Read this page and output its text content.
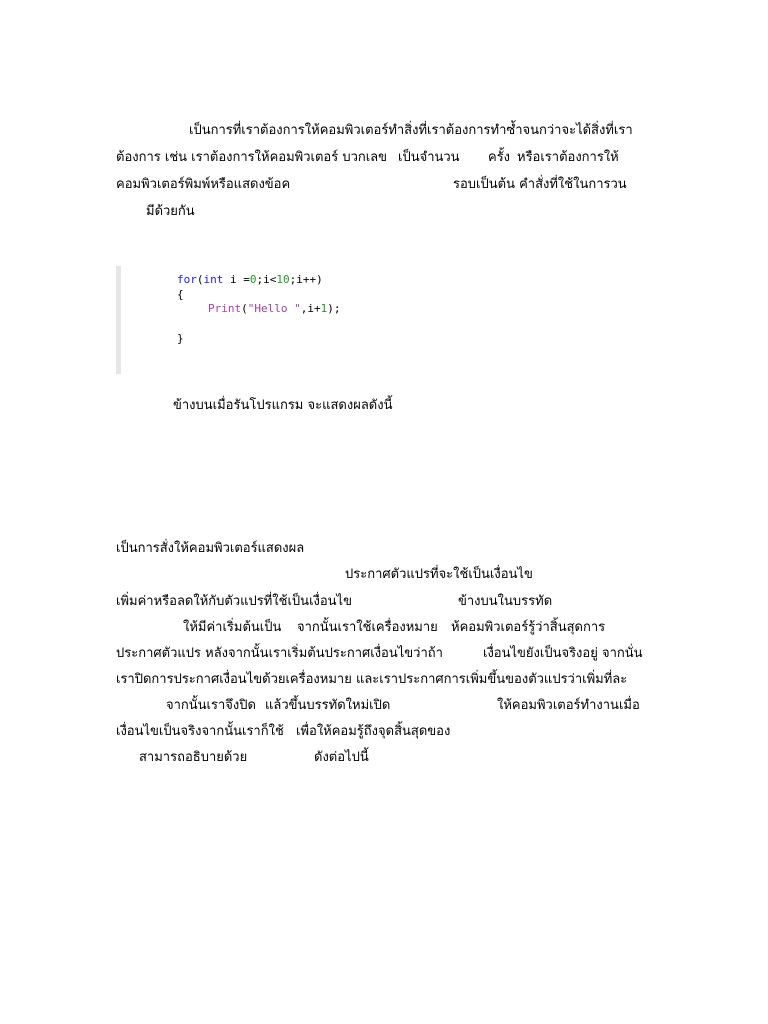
เป็นการที่เราต้องการให้คอมพิวเตอร์ทำสิ่งที่เราต้องการทำซ้ำจนกว่าจะได้สิ่งที่เรา

ต้องการ เช่น เราต้องการให้คอมพิวเตอร์ บวกเลข เป็นจำนวน ครั้ง หรือเราต้องการให้

คอมพิวเตอร์พิมพ์หรือแสดงข้อค	รอบเป็นต้น คำสั่งที่ใช้ในการวน

มีด้วยกัน

for(int i =0;i<10;i++)

{

Print("Hello ",i+1);

}

ข้างบนเมื่อรันโปรแกรม จะแสดงผลดังนี้

เป็นการสั่งให้คอมพิวเตอร์แสดงผล

ประกาศตัวแปรที่จะใช้เป็นเงื่อนไข

เพิ่มค่าหรือลดให้กับตัวแปรที่ใช้เป็นเงื่อนไข	ข้างบนในบรรทัด

ให้มีค่าเริ่มต้นเป็น จากนั้นเราใช้เครื่องหมาย ห้คอมพิวเตอร์รู้ว่าสิ้นสุดการ

ประกาศตัวแปร หลังจากนั้นเราเริ่มต้นประกาศเงื่อนไขว่าถ้า	เงื่อนไขยังเป็นจริงอยู่ จากนั่น

เราปิดการประกาศเงื่อนไขด้วยเครื่องหมาย และเราประกาศการเพิ่มขึ้นของตัวแปรว่าเพิ่มที่ละ

จากนั้นเราจึงปิด แล้วขึ้นบรรทัดใหม่เปิด	ให้คอมพิวเตอร์ทำงานเมื่อ

เงื่อนไขเป็นจริงจากนั้นเราก็ใช้ เพื่อให้คอมรู้ถึงจุดสิ้นสุดของ

สามารถอธิบายด้วย	ดังต่อไปนี้
